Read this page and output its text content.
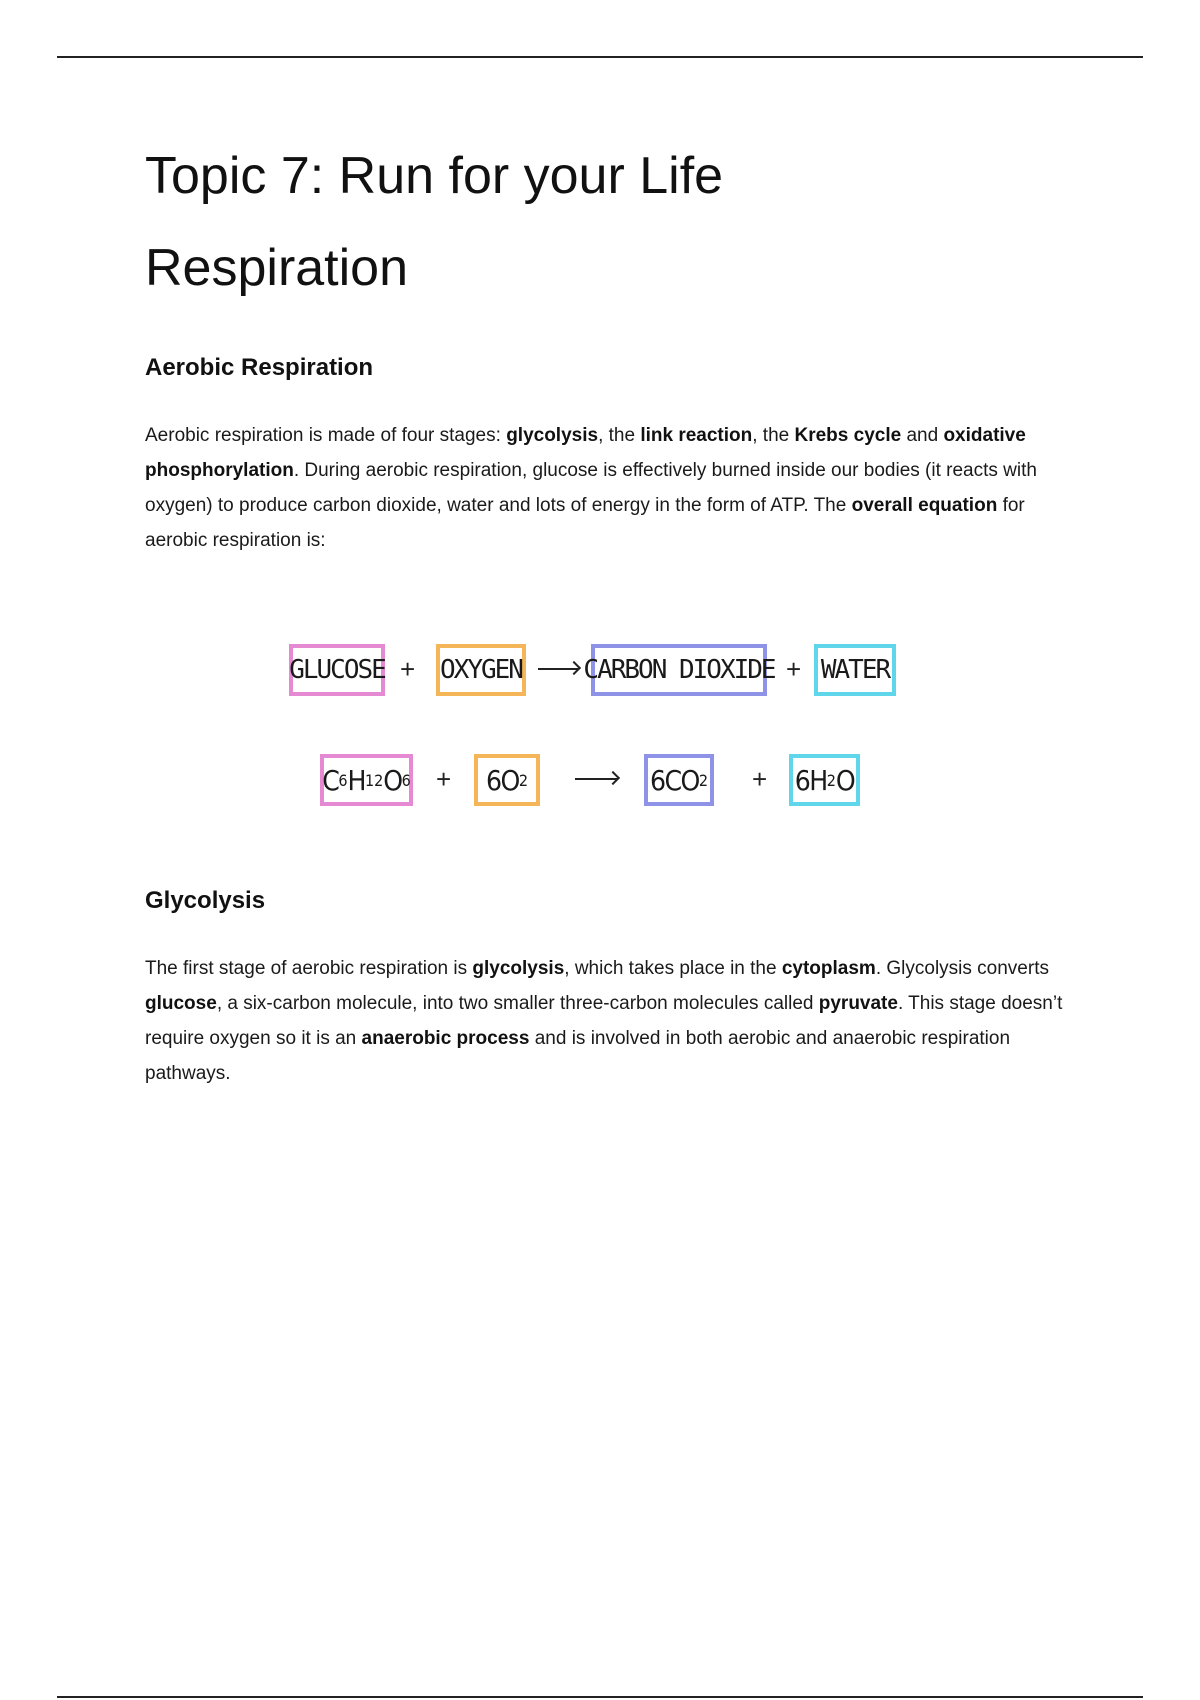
Topic 7: Run for your Life
Respiration
Aerobic Respiration

Aerobic respiration is made of four stages: glycolysis, the link reaction, the Krebs cycle and oxidative phosphorylation. During aerobic respiration, glucose is effectively burned inside our bodies (it reacts with oxygen) to produce carbon dioxide, water and lots of energy in the form of ATP. The overall equation for aerobic respiration is:

GLUCOSE + OXYGEN CARBON DIOXIDE + WATER
C 6 H 12 O 6 + 6O 2	6CO 2 + 6H 2 O
Glycolysis

The first stage of aerobic respiration is glycolysis, which takes place in the cytoplasm. Glycolysis converts glucose, a six-carbon molecule, into two smaller three-carbon molecules called pyruvate. This stage doesn’t require oxygen so it is an anaerobic process and is involved in both aerobic and anaerobic respiration pathways.
